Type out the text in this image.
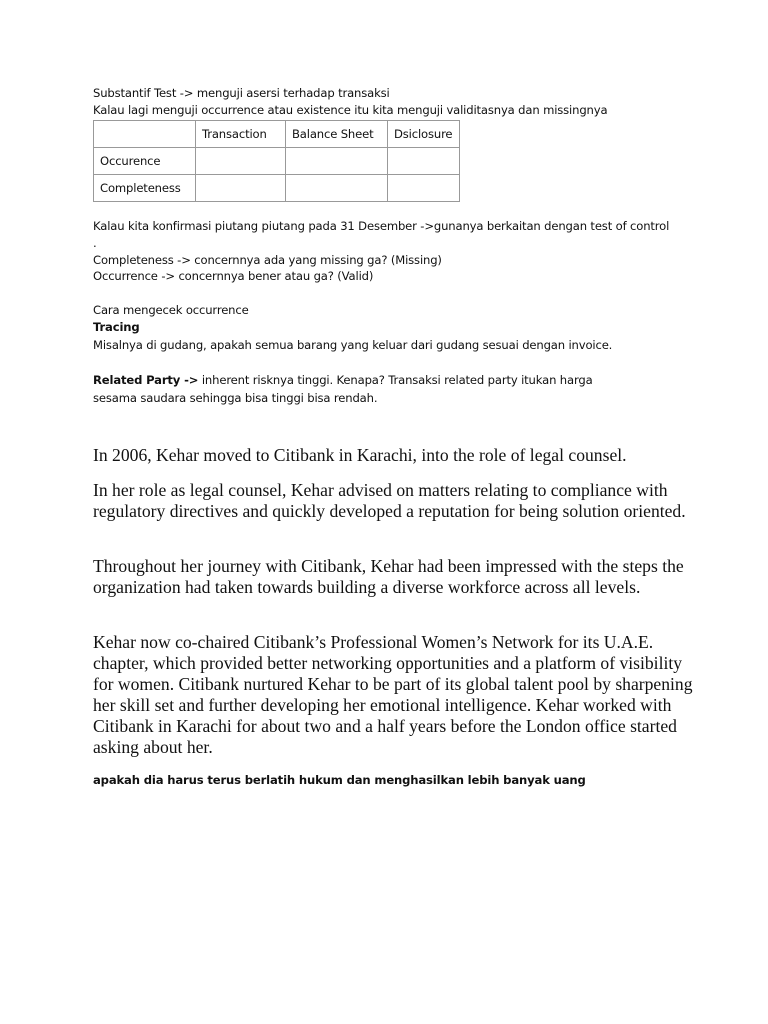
Substantif Test -> menguji asersi terhadap transaksi
Kalau lagi menguji occurrence atau existence itu kita menguji validitasnya dan missingnya
	Transaction	Balance Sheet	Dsiclosure
Occurence			
Completeness			
Kalau kita konfirmasi piutang piutang pada 31 Desember ->gunanya berkaitan dengan test of control
.
Completeness -> concernnya ada yang missing ga? (Missing)
Occurrence -> concernnya bener atau ga? (Valid)
Cara mengecek occurrence
Tracing
Misalnya di gudang, apakah semua barang yang keluar dari gudang sesuai dengan invoice.
Related Party -> inherent risknya tinggi. Kenapa? Transaksi related party itukan harga
sesama saudara sehingga bisa tinggi bisa rendah.
In 2006, Kehar moved to Citibank in Karachi, into the role of legal counsel.
In her role as legal counsel, Kehar advised on matters relating to compliance with regulatory directives and quickly developed a reputation for being solution oriented.
Throughout her journey with Citibank, Kehar had been impressed with the steps the organization had taken towards building a diverse workforce across all levels.
Kehar now co-chaired Citibank’s Professional Women’s Network for its U.A.E. chapter, which provided better networking opportunities and a platform of visibility for women. Citibank nurtured Kehar to be part of its global talent pool by sharpening her skill set and further developing her emotional intelligence. Kehar worked with Citibank in Karachi for about two and a half years before the London office started asking about her.
apakah dia harus terus berlatih hukum dan menghasilkan lebih banyak uang
